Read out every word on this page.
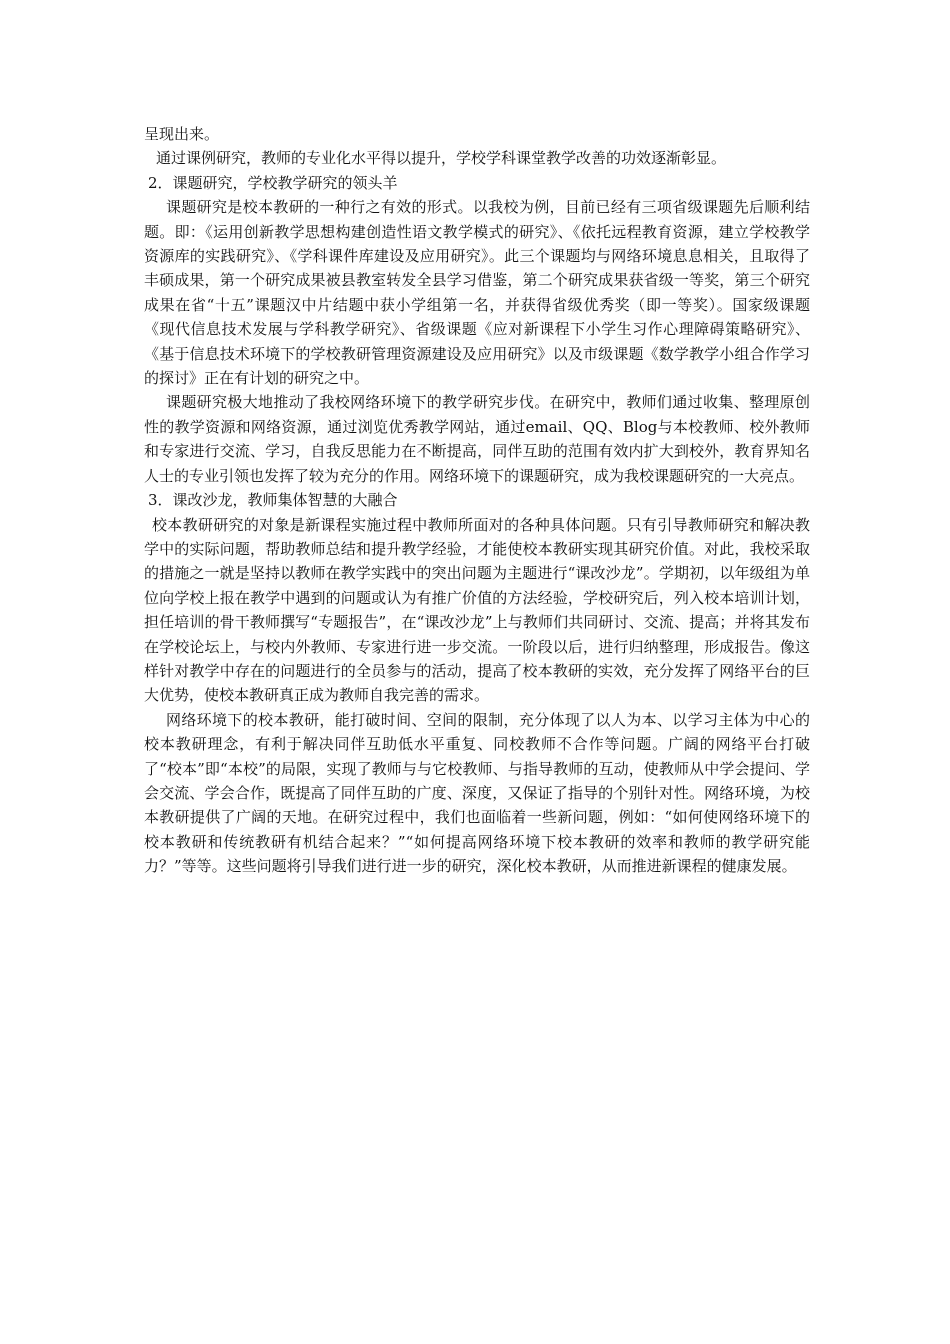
呈现出来。

通过课例研究，教师的专业化水平得以提升，学校学科课堂教学改善的功效逐渐彰显。

2．课题研究，学校教学研究的领头羊

课题研究是校本教研的一种行之有效的形式。以我校为例，目前已经有三项省级课题先后顺利结题。即：《运用创新教学思想构建创造性语文教学模式的研究》、《依托远程教育资源，建立学校教学资源库的实践研究》、《学科课件库建设及应用研究》。此三个课题均与网络环境息息相关，且取得了丰硕成果，第一个研究成果被县教室转发全县学习借鉴，第二个研究成果获省级一等奖，第三个研究成果在省“十五”课题汉中片结题中获小学组第一名，并获得省级优秀奖（即一等奖）。国家级课题《现代信息技术发展与学科教学研究》、省级课题《应对新课程下小学生习作心理障碍策略研究》、《基于信息技术环境下的学校教研管理资源建设及应用研究》以及市级课题《数学教学小组合作学习的探讨》正在有计划的研究之中。

课题研究极大地推动了我校网络环境下的教学研究步伐。在研究中，教师们通过收集、整理原创性的教学资源和网络资源，通过浏览优秀教学网站，通过email、QQ、Blog与本校教师、校外教师和专家进行交流、学习，自我反思能力在不断提高，同伴互助的范围有效内扩大到校外，教育界知名人士的专业引领也发挥了较为充分的作用。网络环境下的课题研究，成为我校课题研究的一大亮点。

3．课改沙龙，教师集体智慧的大融合

校本教研研究的对象是新课程实施过程中教师所面对的各种具体问题。只有引导教师研究和解决教学中的实际问题，帮助教师总结和提升教学经验，才能使校本教研实现其研究价值。对此，我校采取的措施之一就是坚持以教师在教学实践中的突出问题为主题进行“课改沙龙”。学期初，以年级组为单位向学校上报在教学中遇到的问题或认为有推广价值的方法经验，学校研究后，列入校本培训计划，担任培训的骨干教师撰写“专题报告”，在“课改沙龙”上与教师们共同研讨、交流、提高；并将其发布在学校论坛上，与校内外教师、专家进行进一步交流。一阶段以后，进行归纳整理，形成报告。像这样针对教学中存在的问题进行的全员参与的活动，提高了校本教研的实效，充分发挥了网络平台的巨大优势，使校本教研真正成为教师自我完善的需求。

网络环境下的校本教研，能打破时间、空间的限制，充分体现了以人为本、以学习主体为中心的校本教研理念，有利于解决同伴互助低水平重复、同校教师不合作等问题。广阔的网络平台打破了“校本”即“本校”的局限，实现了教师与与它校教师、与指导教师的互动，使教师从中学会提问、学会交流、学会合作，既提高了同伴互助的广度、深度，又保证了指导的个别针对性。网络环境，为校本教研提供了广阔的天地。在研究过程中，我们也面临着一些新问题，例如：“如何使网络环境下的校本教研和传统教研有机结合起来？”“如何提高网络环境下校本教研的效率和教师的教学研究能力？”等等。这些问题将引导我们进行进一步的研究，深化校本教研，从而推进新课程的健康发展。
